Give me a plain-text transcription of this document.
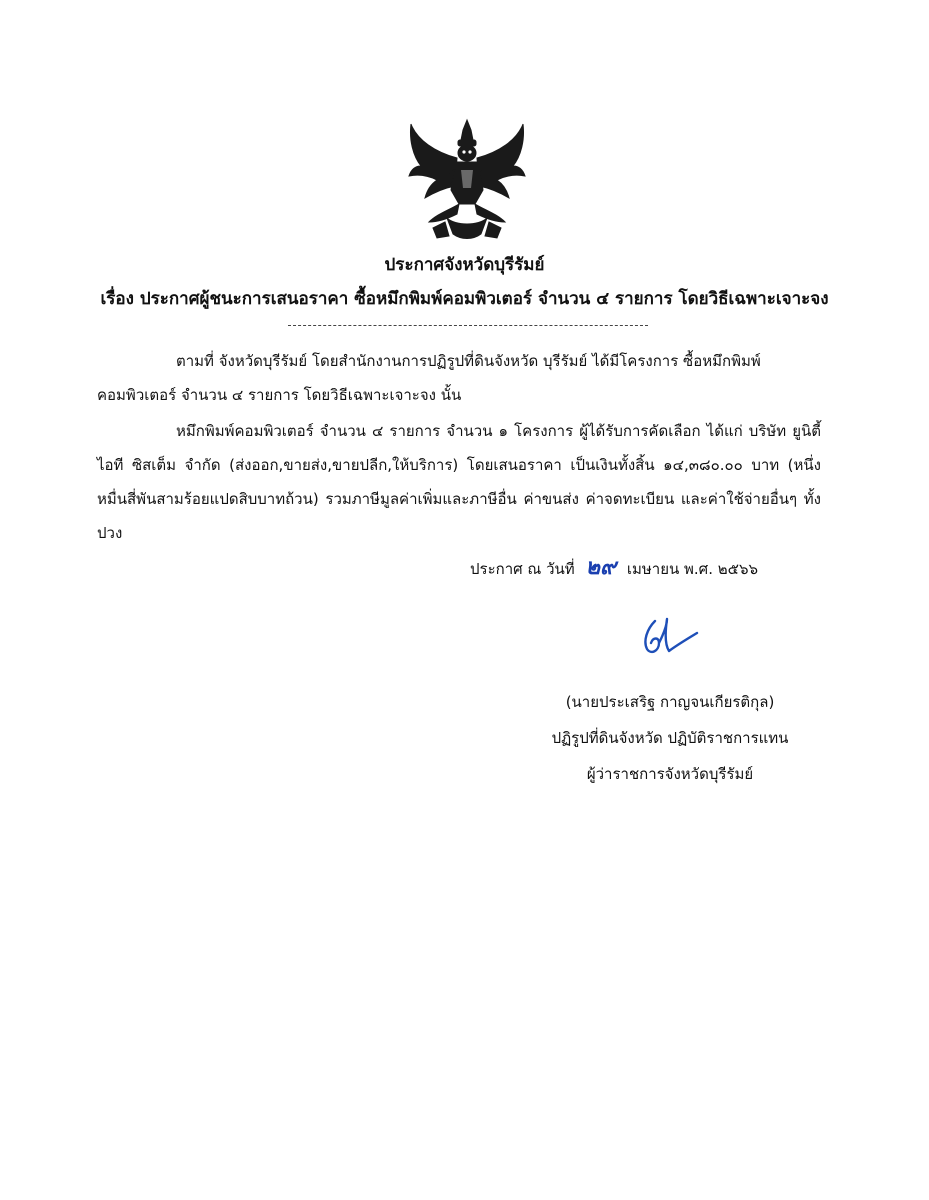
ประกาศจังหวัดบุรีรัมย์
เรื่อง ประกาศผู้ชนะการเสนอราคา ซื้อหมึกพิมพ์คอมพิวเตอร์ จำนวน ๔ รายการ โดยวิธีเฉพาะเจาะจง

ตามที่ จังหวัดบุรีรัมย์ โดยสำนักงานการปฏิรูปที่ดินจังหวัด บุรีรัมย์ ได้มีโครงการ ซื้อหมึกพิมพ์คอมพิวเตอร์ จำนวน ๔ รายการ โดยวิธีเฉพาะเจาะจง นั้น

หมึกพิมพ์คอมพิวเตอร์ จำนวน ๔ รายการ จำนวน ๑ โครงการ ผู้ได้รับการคัดเลือก ได้แก่ บริษัท ยูนิตี้ ไอที ซิสเต็ม จำกัด (ส่งออก,ขายส่ง,ขายปลีก,ให้บริการ) โดยเสนอราคา เป็นเงินทั้งสิ้น ๑๔,๓๘๐.๐๐ บาท (หนึ่งหมื่นสี่พันสามร้อยแปดสิบบาทถ้วน) รวมภาษีมูลค่าเพิ่มและภาษีอื่น ค่าขนส่ง ค่าจดทะเบียน และค่าใช้จ่ายอื่นๆ ทั้งปวง

ประกาศ ณ วันที่ ๒๙ เมษายน พ.ศ. ๒๕๖๖
(นายประเสริฐ กาญจนเกียรติกุล)
ปฏิรูปที่ดินจังหวัด ปฏิบัติราชการแทน
ผู้ว่าราชการจังหวัดบุรีรัมย์
